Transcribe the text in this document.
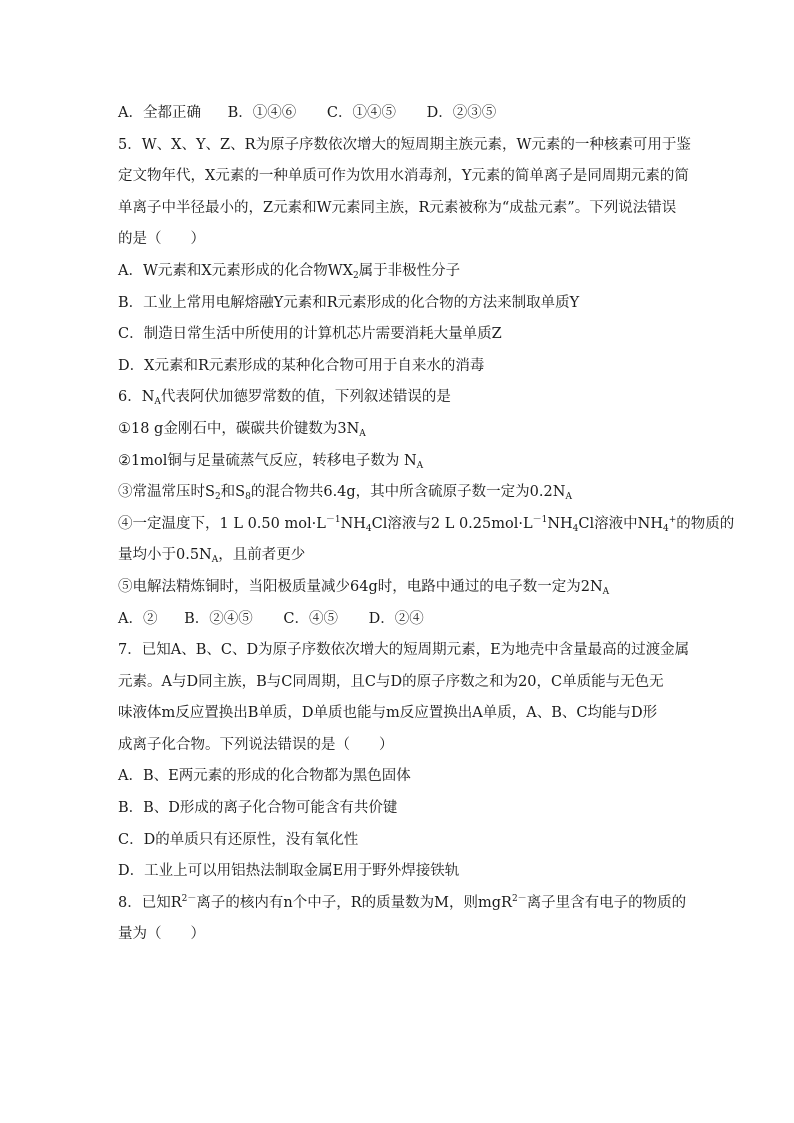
A．全都正确 B．①④⑥ C．①④⑤ D．②③⑤
5．W、X、Y、Z、R为原子序数依次增大的短周期主族元素，W元素的一种核素可用于鉴
定文物年代，X元素的一种单质可作为饮用水消毒剂，Y元素的简单离子是同周期元素的简
单离子中半径最小的，Z元素和W元素同主族，R元素被称为“成盐元素”。下列说法错误
的是（　　）
A．W元素和X元素形成的化合物$WX_2$属于非极性分子
B．工业上常用电解熔融Y元素和R元素形成的化合物的方法来制取单质Y
C．制造日常生活中所使用的计算机芯片需要消耗大量单质Z
D．X元素和R元素形成的某种化合物可用于自来水的消毒
6．$N_A$代表阿伏加德罗常数的值，下列叙述错误的是
①18 g金刚石中，碳碳共价键数为$3N_A$
②1mol铜与足量硫蒸气反应，转移电子数为 $N_A$
③常温常压时$S_2$和$S_8$的混合物共6.4g，其中所含硫原子数一定为$0.2N_A$
④一定温度下，1 L 0.50 $mol\cdot L^{-1}NH_4Cl$溶液与2 L $0.25mol\cdot L^{-1}NH_4Cl$溶液中$NH_4^+$的物质的
量均小于$0.5N_A$，且前者更少
⑤电解法精炼铜时，当阳极质量减少64g时，电路中通过的电子数一定为$2N_A$
A．② B．②④⑤ C．④⑤ D．②④
7．已知A、B、C、D为原子序数依次增大的短周期元素，E为地壳中含量最高的过渡金属
元素。A与D同主族，B与C同周期，且C与D的原子序数之和为20，C单质能与无色无
味液体m反应置换出B单质，D单质也能与m反应置换出A单质，A、B、C均能与D形
成离子化合物。下列说法错误的是（　　）
A．B、E两元素的形成的化合物都为黑色固体
B．B、D形成的离子化合物可能含有共价键
C．D的单质只有还原性，没有氧化性
D．工业上可以用铝热法制取金属E用于野外焊接铁轨
8．已知$R^{2-}$离子的核内有n个中子，R的质量数为M，则mgR$^{2-}$离子里含有电子的物质的
量为（　　）
